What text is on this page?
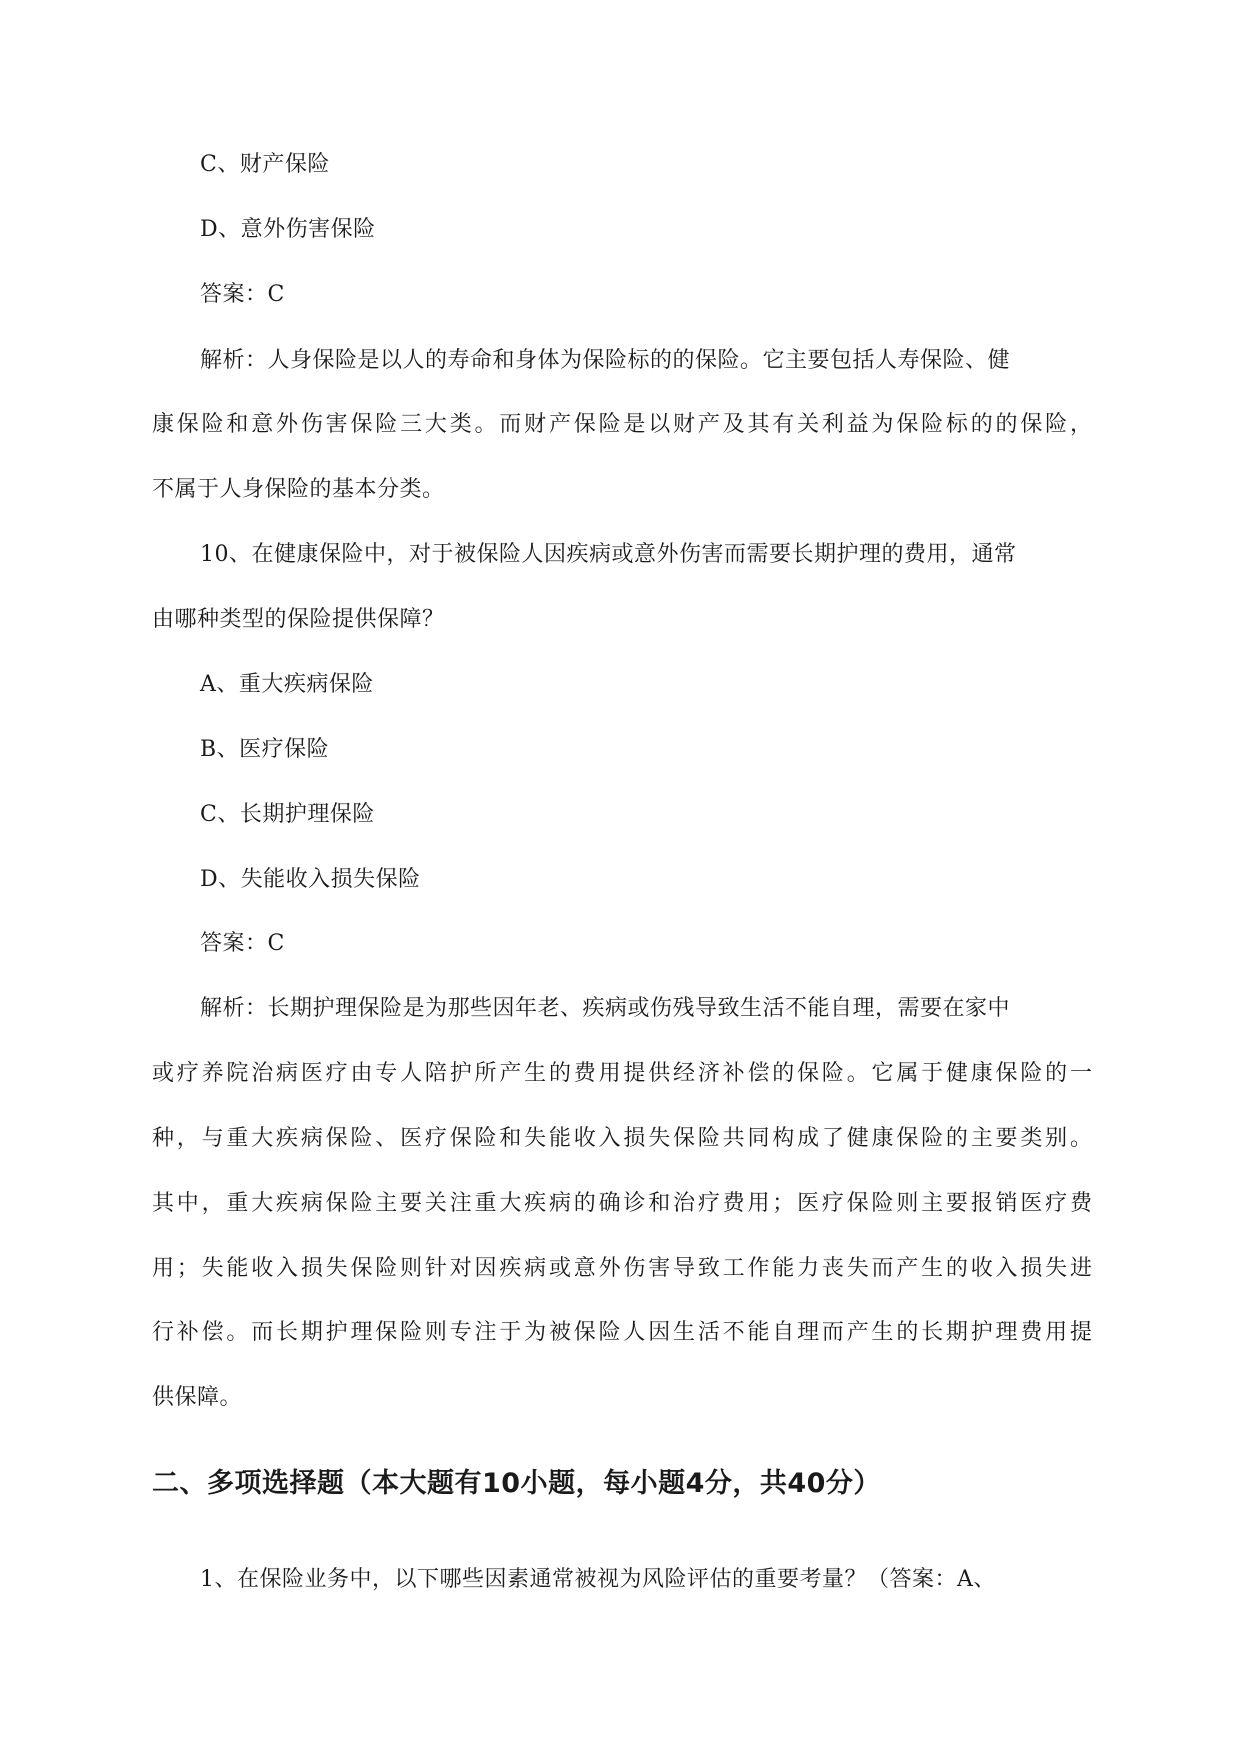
C、财产保险
D、意外伤害保险
答案：C
解析：人身保险是以人的寿命和身体为保险标的的保险。它主要包括人寿保险、健
康保险和意外伤害保险三大类。而财产保险是以财产及其有关利益为保险标的的保险，
不属于人身保险的基本分类。
10、在健康保险中，对于被保险人因疾病或意外伤害而需要长期护理的费用，通常
由哪种类型的保险提供保障？
A、重大疾病保险
B、医疗保险
C、长期护理保险
D、失能收入损失保险
答案：C
解析：长期护理保险是为那些因年老、疾病或伤残导致生活不能自理，需要在家中
或疗养院治病医疗由专人陪护所产生的费用提供经济补偿的保险。它属于健康保险的一
种，与重大疾病保险、医疗保险和失能收入损失保险共同构成了健康保险的主要类别。
其中，重大疾病保险主要关注重大疾病的确诊和治疗费用；医疗保险则主要报销医疗费
用；失能收入损失保险则针对因疾病或意外伤害导致工作能力丧失而产生的收入损失进
行补偿。而长期护理保险则专注于为被保险人因生活不能自理而产生的长期护理费用提
供保障。
二、多项选择题（本大题有10小题，每小题4分，共40分）
1、在保险业务中，以下哪些因素通常被视为风险评估的重要考量？（答案：A、
